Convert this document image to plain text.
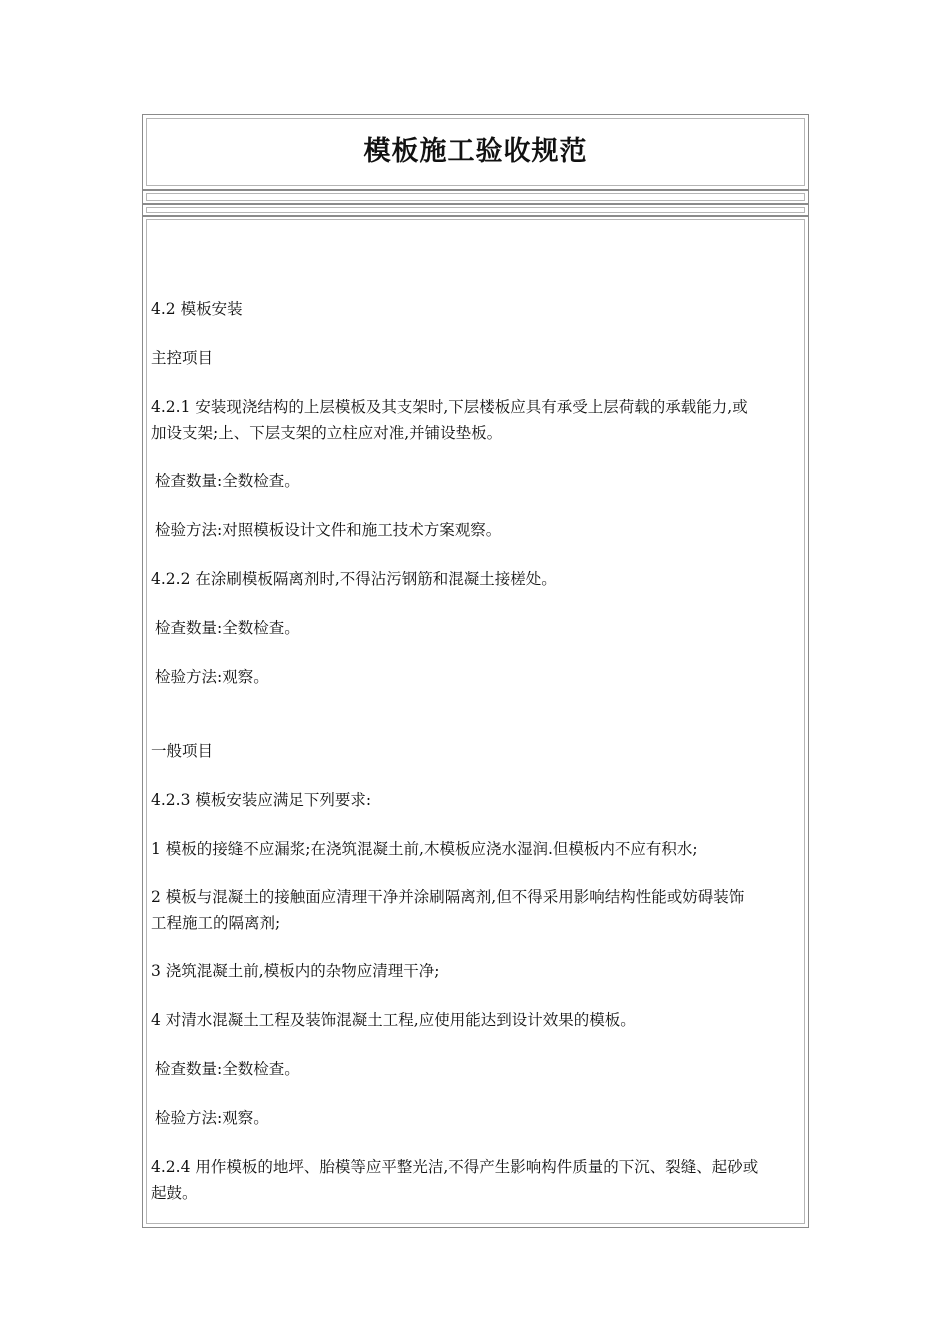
模板施工验收规范
4.2 模板安装
主控项目
4.2.1 安装现浇结构的上层模板及其支架时,下层楼板应具有承受上层荷载的承载能力,或
加设支架;上、下层支架的立柱应对准,并铺设垫板。
检查数量:全数检查。
检验方法:对照模板设计文件和施工技术方案观察。
4.2.2 在涂刷模板隔离剂时,不得沾污钢筋和混凝土接槎处。
检查数量:全数检查。
检验方法:观察。
一般项目
4.2.3 模板安装应满足下列要求:
1 模板的接缝不应漏浆;在浇筑混凝土前,木模板应浇水湿润.但模板内不应有积水;
2 模板与混凝土的接触面应清理干净并涂刷隔离剂,但不得采用影响结构性能或妨碍装饰
工程施工的隔离剂;
3 浇筑混凝土前,模板内的杂物应清理干净;
4 对清水混凝土工程及装饰混凝土工程,应使用能达到设计效果的模板。
检查数量:全数检查。
检验方法:观察。
4.2.4 用作模板的地坪、胎模等应平整光洁,不得产生影响构件质量的下沉、裂缝、起砂或
起鼓。
